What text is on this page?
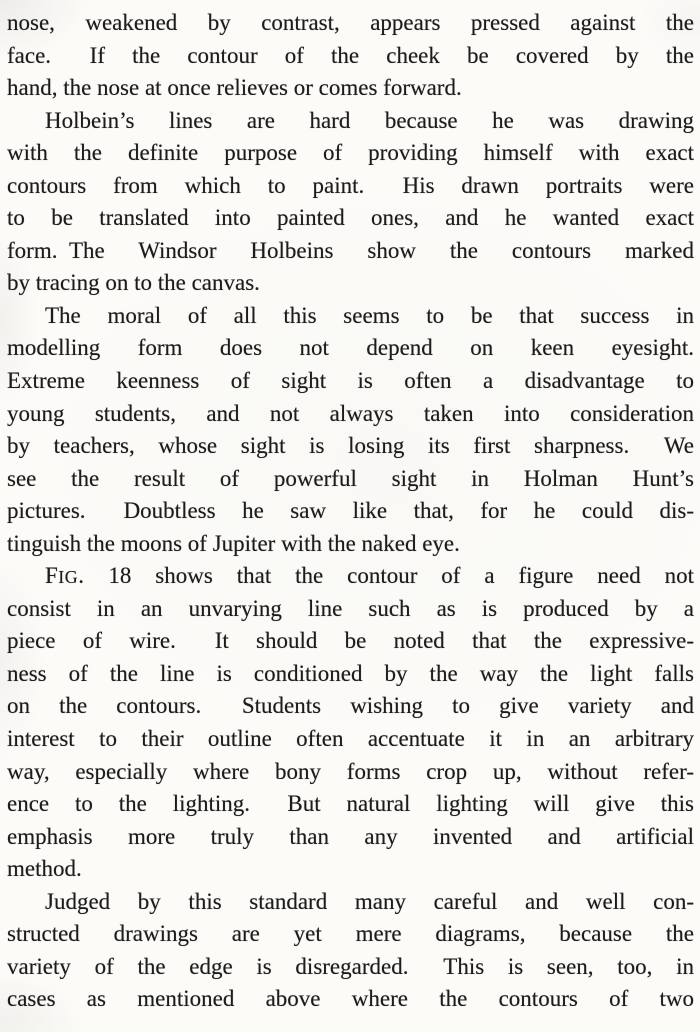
nose, weakened by contrast, appears pressed against the
face.  If the contour of the cheek be covered by the
hand, the nose at once relieves or comes forward.
Holbein’s lines are hard because he was drawing
with the definite purpose of providing himself with exact
contours from which to paint.  His drawn portraits were
to be translated into painted ones, and he wanted exact
form. The Windsor Holbeins show the contours marked
by tracing on to the canvas.
The moral of all this seems to be that success in
modelling form does not depend on keen eyesight.
Extreme keenness of sight is often a disadvantage to
young students, and not always taken into consideration
by teachers, whose sight is losing its first sharpness.  We
see the result of powerful sight in Holman Hunt’s
pictures.  Doubtless he saw like that, for he could dis-
tinguish the moons of Jupiter with the naked eye.
FIG. 18 shows that the contour of a figure need not
consist in an unvarying line such as is produced by a
piece of wire.  It should be noted that the expressive-
ness of the line is conditioned by the way the light falls
on the contours.  Students wishing to give variety and
interest to their outline often accentuate it in an arbitrary
way, especially where bony forms crop up, without refer-
ence to the lighting.  But natural lighting will give this
emphasis more truly than any invented and artificial
method.
Judged by this standard many careful and well con-
structed drawings are yet mere diagrams, because the
variety of the edge is disregarded.  This is seen, too, in
cases as mentioned above where the contours of two
